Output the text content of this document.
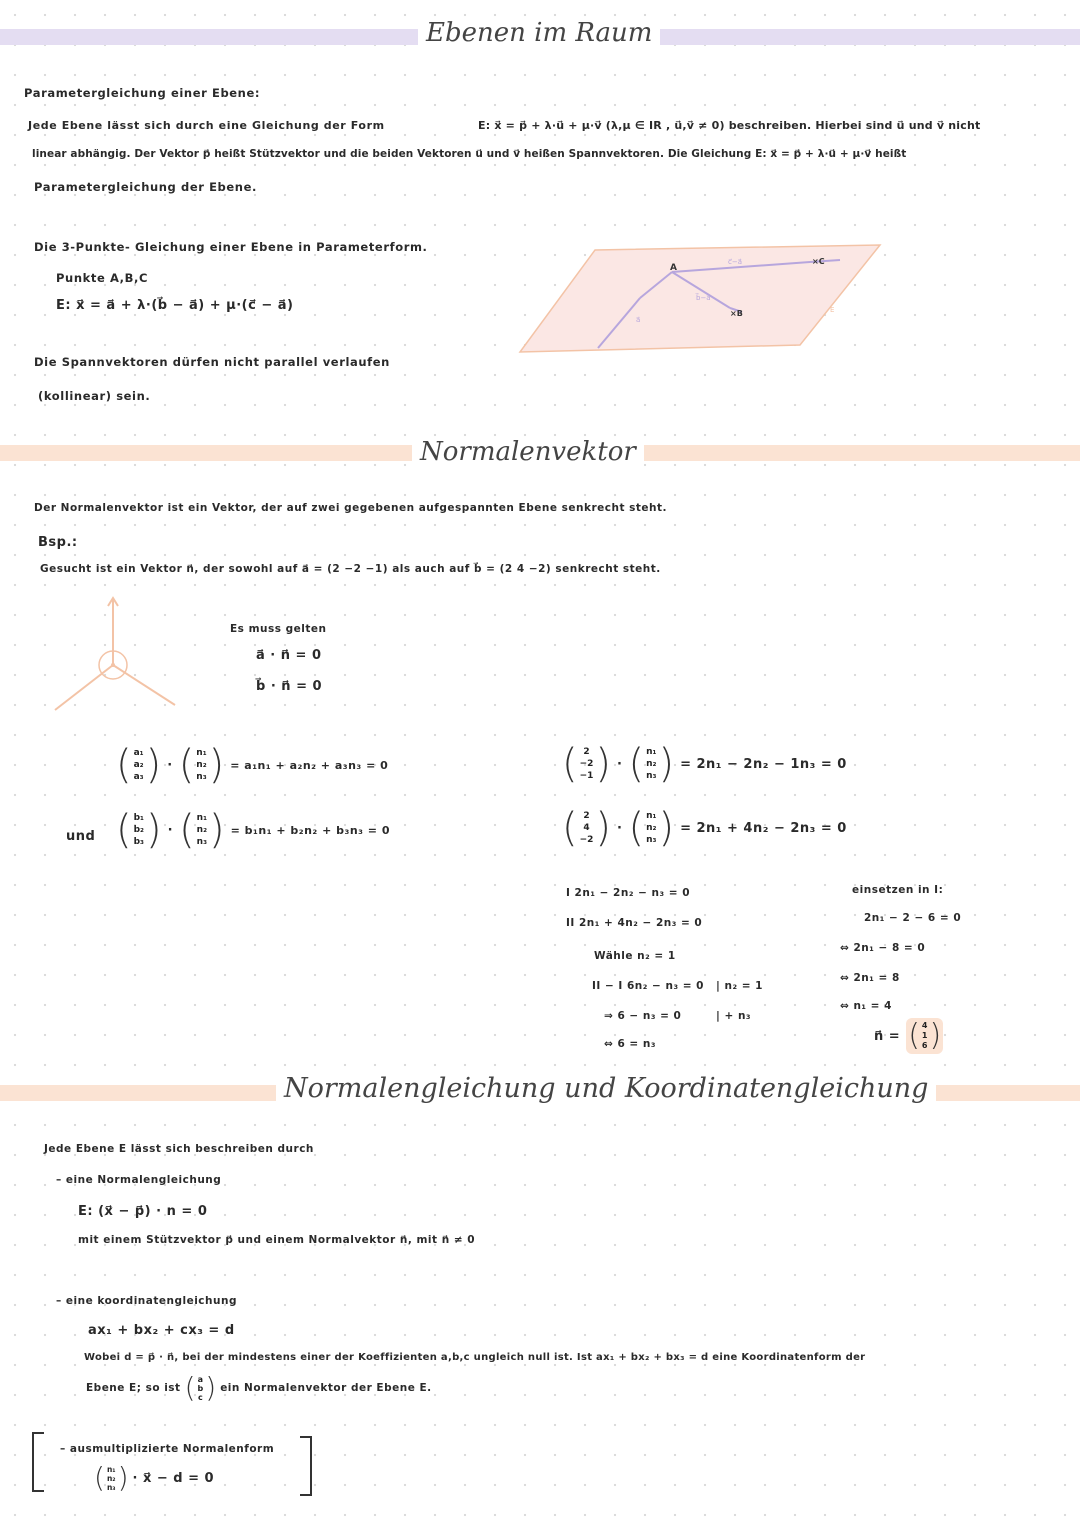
Ebenen im Raum
Normalenvektor
Normalengleichung und Koordinatengleichung
Parametergleichung einer Ebene:
Jede Ebene lässt sich durch eine Gleichung der Form	E: x⃗ = p⃗ + λ·u⃗ + μ·v⃗ (λ,μ ∈ IR , u⃗,v⃗ ≠ 0) beschreiben. Hierbei sind u⃗ und v⃗ nicht
linear abhängig. Der Vektor p⃗ heißt Stützvektor und die beiden Vektoren u⃗ und v⃗ heißen Spannvektoren. Die Gleichung E: x⃗ = p⃗ + λ·u⃗ + μ·v⃗ heißt
Parametergleichung der Ebene.
Die 3-Punkte- Gleichung einer Ebene in Parameterform.
Punkte A,B,C
E: x⃗ = a⃗ + λ·(b⃗ − a⃗) + μ·(c⃗ − a⃗)
Die Spannvektoren dürfen nicht parallel verlaufen
(kollinear) sein.
A
×B
×C
c⃗−a⃗
b⃗−a⃗
a⃗
E
Der Normalenvektor ist ein Vektor, der auf zwei gegebenen aufgespannten Ebene senkrecht steht.
Bsp.:
Gesucht ist ein Vektor n⃗, der sowohl auf a⃗ = (2 −2 −1) als auch auf b⃗ = (2 4 −2) senkrecht steht.
Es muss gelten
a⃗ · n⃗ = 0
b⃗ · n⃗ = 0
( a₁
a₂
a₃ ) · ( n₁
n₂
n₃ ) = a₁n₁ + a₂n₂ + a₃n₃ = 0
und ( b₁
b₂
b₃ ) · ( n₁
n₂
n₃ ) = b₁n₁ + b₂n₂ + b₃n₃ = 0
( 2
−2
−1 ) · ( n₁
n₂
n₃ ) = 2n₁ − 2n₂ − 1n₃ = 0
( 2
4
−2 ) · ( n₁
n₂
n₃ ) = 2n₁ + 4n₂ − 2n₃ = 0
I 2n₁ − 2n₂ − n₃ = 0
II 2n₁ + 4n₂ − 2n₃ = 0
Wähle n₂ = 1
II − I 6n₂ − n₃ = 0 | n₂ = 1
⇒ 6 − n₃ = 0	| + n₃
⇔ 6 = n₃
einsetzen in I:
2n₁ − 2 − 6 = 0
⇔ 2n₁ − 8 = 0
⇔ 2n₁ = 8
⇔ n₁ = 4
n⃗ = ( 4
1
6 )
Jede Ebene E lässt sich beschreiben durch
– eine Normalengleichung
E: (x⃗ − p⃗) · n = 0
mit einem Stützvektor p⃗ und einem Normalvektor n⃗, mit n⃗ ≠ 0
– eine koordinatengleichung
ax₁ + bx₂ + cx₃ = d
Wobei d = p⃗ · n⃗, bei der mindestens einer der Koeffizienten a,b,c ungleich null ist. Ist ax₁ + bx₂ + bx₃ = d eine Koordinatenform der
Ebene E; so ist ( a
b
c ) ein Normalenvektor der Ebene E.
– ausmultiplizierte Normalenform
( n₁
n₂
n₃ ) · x⃗ − d = 0
